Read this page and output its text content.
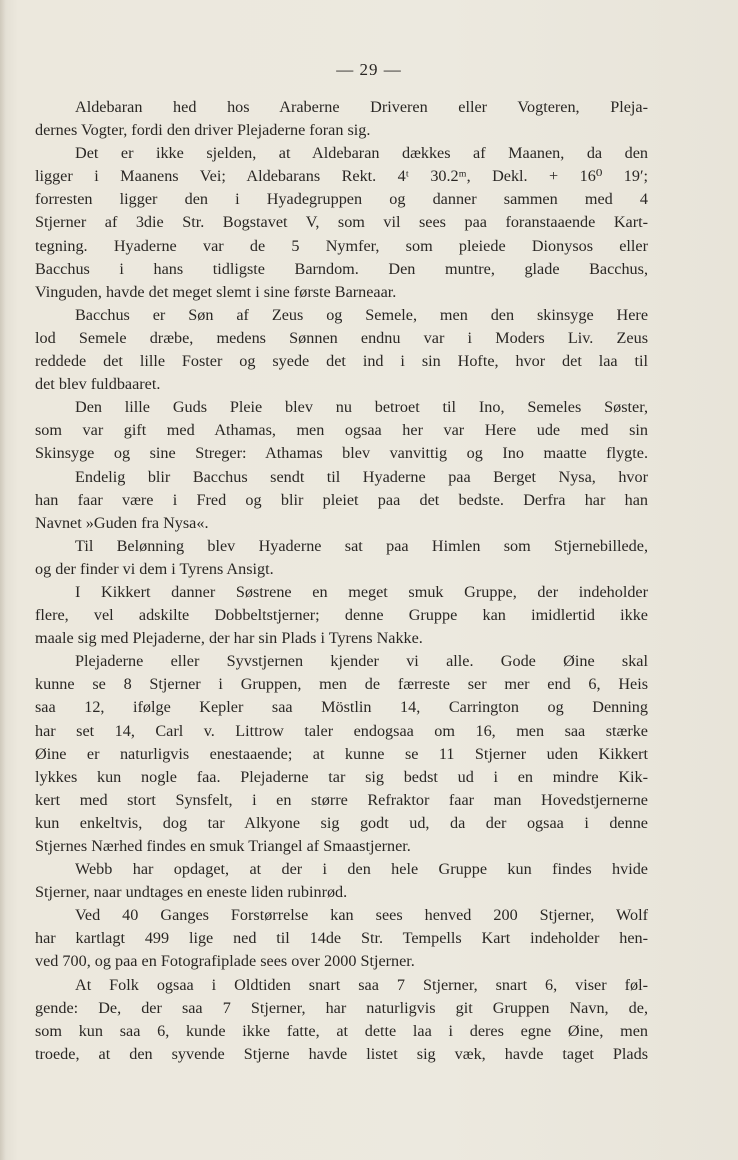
— 29 —
Aldebaran hed hos Araberne Driveren eller Vogteren, Pleja-
dernes Vogter, fordi den driver Plejaderne foran sig.
Det er ikke sjelden, at Aldebaran dækkes af Maanen, da den
ligger i Maanens Vei; Aldebarans Rekt. 4ᵗ 30.2ᵐ, Dekl. + 16⁰ 19′;
forresten ligger den i Hyadegruppen og danner sammen med 4
Stjerner af 3die Str. Bogstavet V, som vil sees paa foranstaaende Kart-
tegning. Hyaderne var de 5 Nymfer, som pleiede Dionysos eller
Bacchus i hans tidligste Barndom. Den muntre, glade Bacchus,
Vinguden, havde det meget slemt i sine første Barneaar.
Bacchus er Søn af Zeus og Semele, men den skinsyge Here
lod Semele dræbe, medens Sønnen endnu var i Moders Liv. Zeus
reddede det lille Foster og syede det ind i sin Hofte, hvor det laa til
det blev fuldbaaret.
Den lille Guds Pleie blev nu betroet til Ino, Semeles Søster,
som var gift med Athamas, men ogsaa her var Here ude med sin
Skinsyge og sine Streger: Athamas blev vanvittig og Ino maatte flygte.
Endelig blir Bacchus sendt til Hyaderne paa Berget Nysa, hvor
han faar være i Fred og blir pleiet paa det bedste. Derfra har han
Navnet »Guden fra Nysa«.
Til Belønning blev Hyaderne sat paa Himlen som Stjernebillede,
og der finder vi dem i Tyrens Ansigt.
I Kikkert danner Søstrene en meget smuk Gruppe, der indeholder
flere, vel adskilte Dobbeltstjerner; denne Gruppe kan imidlertid ikke
maale sig med Plejaderne, der har sin Plads i Tyrens Nakke.
Plejaderne eller Syvstjernen kjender vi alle. Gode Øine skal
kunne se 8 Stjerner i Gruppen, men de færreste ser mer end 6, Heis
saa 12, ifølge Kepler saa Möstlin 14, Carrington og Denning
har set 14, Carl v. Littrow taler endogsaa om 16, men saa stærke
Øine er naturligvis enestaaende; at kunne se 11 Stjerner uden Kikkert
lykkes kun nogle faa. Plejaderne tar sig bedst ud i en mindre Kik-
kert med stort Synsfelt, i en større Refraktor faar man Hovedstjernerne
kun enkeltvis, dog tar Alkyone sig godt ud, da der ogsaa i denne
Stjernes Nærhed findes en smuk Triangel af Smaastjerner.
Webb har opdaget, at der i den hele Gruppe kun findes hvide
Stjerner, naar undtages en eneste liden rubinrød.
Ved 40 Ganges Forstørrelse kan sees henved 200 Stjerner, Wolf
har kartlagt 499 lige ned til 14de Str. Tempells Kart indeholder hen-
ved 700, og paa en Fotografiplade sees over 2000 Stjerner.
At Folk ogsaa i Oldtiden snart saa 7 Stjerner, snart 6, viser føl-
gende: De, der saa 7 Stjerner, har naturligvis git Gruppen Navn, de,
som kun saa 6, kunde ikke fatte, at dette laa i deres egne Øine, men
troede, at den syvende Stjerne havde listet sig væk, havde taget Plads
